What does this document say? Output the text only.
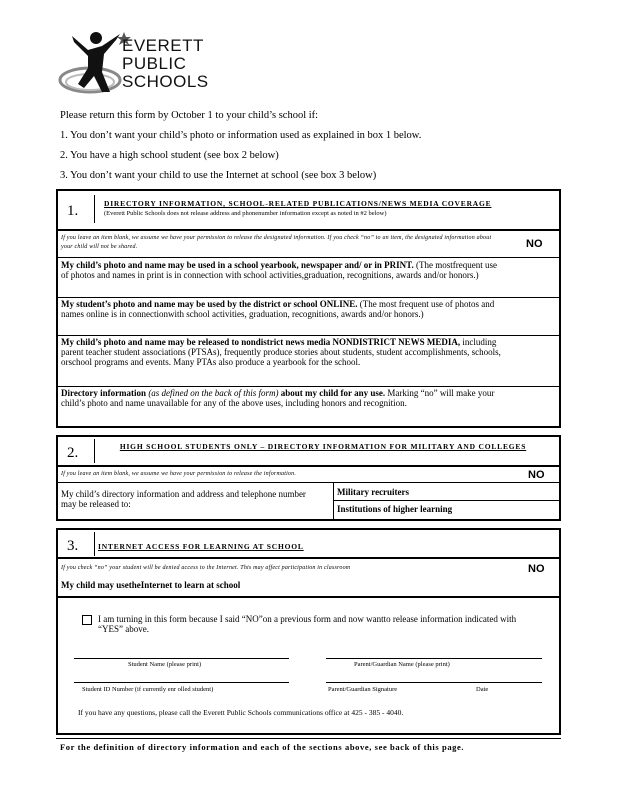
EVERETT
PUBLIC
SCHOOLS
Please return this form by October 1 to your child’s school if:
1. You don’t want your child’s photo or information used as explained in box 1 below.
2. You have a high school student (see box 2 below)
3. You don’t want your child to use the Internet at school (see box 3 below)
1.	DIRECTORY INFORMATION, SCHOOL-RELATED PUBLICATIONS/NEWS MEDIA COVERAGE
(Everett Public Schools does not release address and phonenumber information except as noted in #2 below)
If you leave an item blank, we assume we have your permission to release the designated information. If you check “no” to an item, the designated information about your child will not be shared.	NO
My child’s photo and name may be used in a school yearbook, newspaper and/ or in PRINT. (The mostfrequent use of photos and names in print is in connection with school activities,graduation, recognitions, awards and/or honors.)
My student’s photo and name may be used by the district or school ONLINE. (The most frequent use of photos and names online is in connectionwith school activities, graduation, recognitions, awards and/or honors.)
My child’s photo and name may be released to nondistrict news media NONDISTRICT NEWS MEDIA, including parent teacher student associations (PTSAs), frequently produce stories about students, student accomplishments, schools, orschool programs and events. Many PTAs also produce a yearbook for the school.
Directory information (as defined on the back of this form) about my child for any use. Marking “no” will make your child’s photo and name unavailable for any of the above uses, including honors and recognition.
2.	HIGH SCHOOL STUDENTS ONLY – DIRECTORY INFORMATION FOR MILITARY AND COLLEGES
If you leave an item blank, we assume we have your permission to release the information.	NO
My child’s directory information and address and telephone number may be released to:
Military recruiters
Institutions of higher learning
3.	INTERNET ACCESS FOR LEARNING AT SCHOOL
If you check “no” your student will be denied access to the Internet. This may affect participation in classroom	NO
My child may usetheInternet to learn at school
I am turning in this form because I said “NO”on a previous form and now wantto release information indicated with “YES” above.
Student Name (please print)	Parent/Guardian Name (please print)
Student ID Number (if currently enr olled student)	Parent/Guardian Signature	Date
If you have any questions, please call the Everett Public Schools communications office at 425 - 385 - 4040.
For the definition of directory information and each of the sections above, see back of this page.
